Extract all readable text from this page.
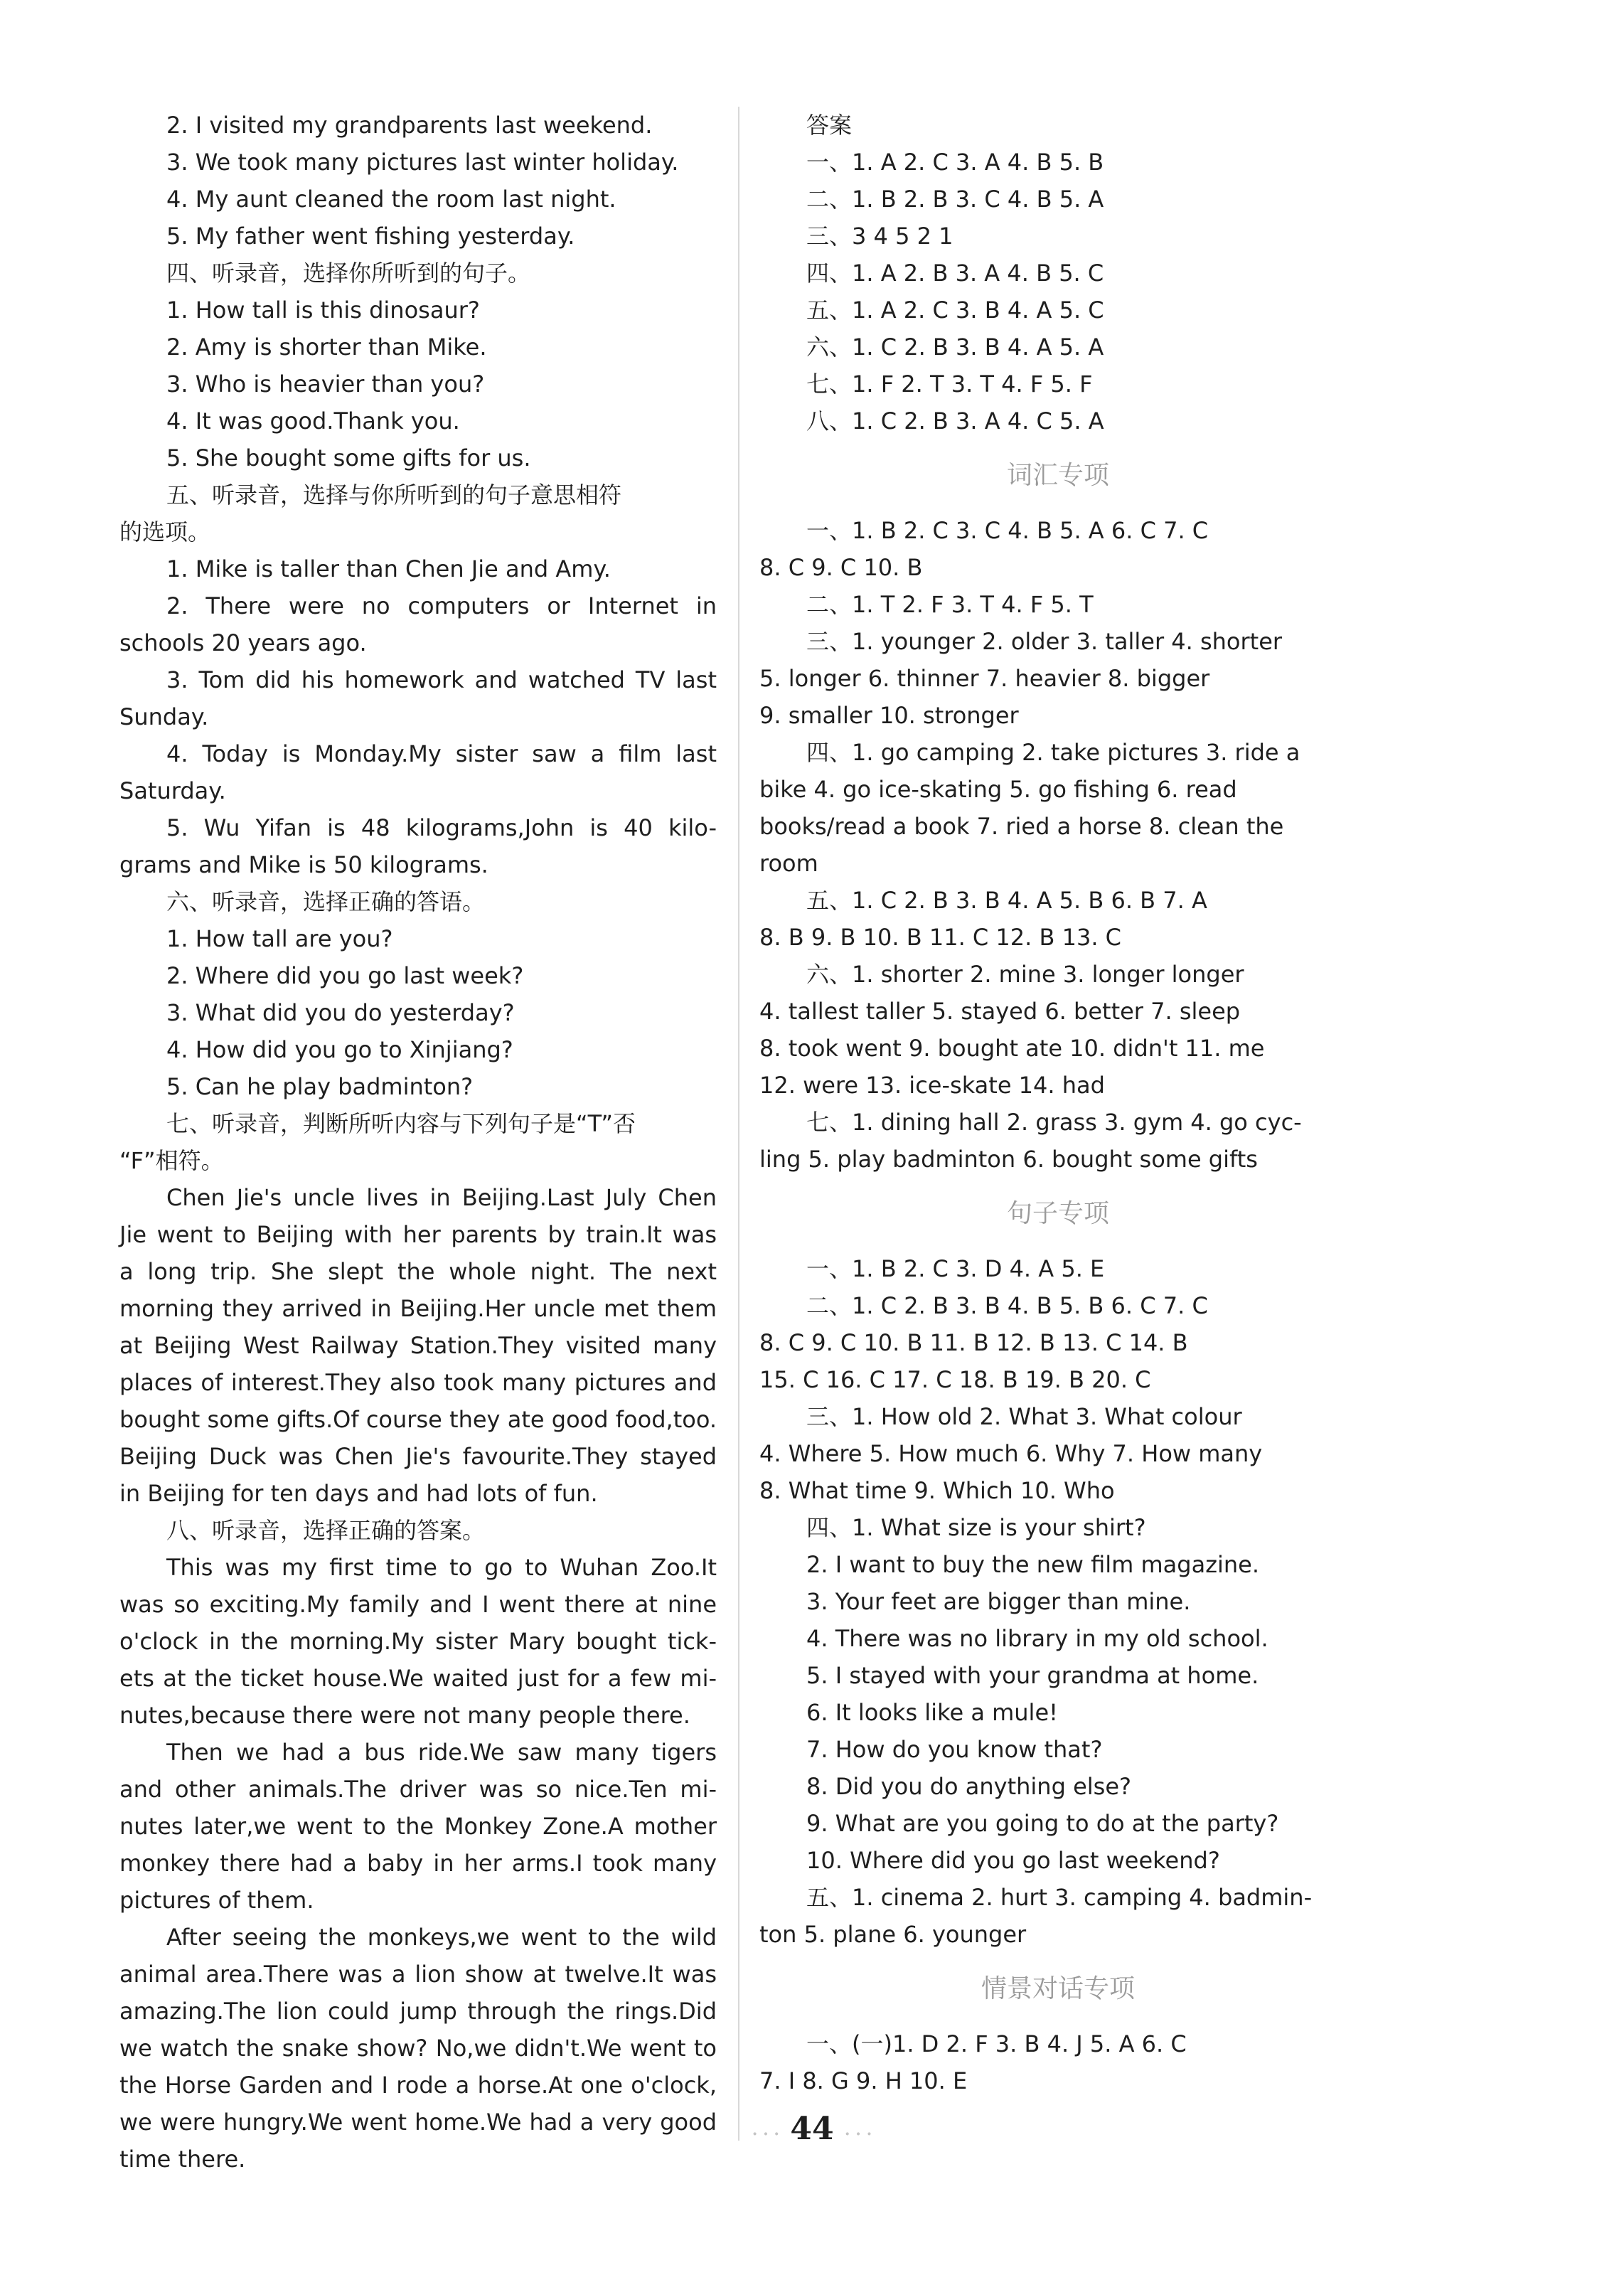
2. I visited my grandparents last weekend.
3. We took many pictures last winter holiday.
4. My aunt cleaned the room last night.
5. My father went fishing yesterday.
四、听录音，选择你所听到的句子。
1. How tall is this dinosaur?
2. Amy is shorter than Mike.
3. Who is heavier than you?
4. It was good.Thank you.
5. She bought some gifts for us.
五、听录音，选择与你所听到的句子意思相符
的选项。
1. Mike is taller than Chen Jie and Amy.
2. There were no computers or Internet in
schools 20 years ago.
3. Tom did his homework and watched TV last
Sunday.
4. Today is Monday.My sister saw a film last
Saturday.
5. Wu Yifan is 48 kilograms,John is 40 kilo-
grams and Mike is 50 kilograms.
六、听录音，选择正确的答语。
1. How tall are you?
2. Where did you go last week?
3. What did you do yesterday?
4. How did you go to Xinjiang?
5. Can he play badminton?
七、听录音，判断所听内容与下列句子是“T”否
“F”相符。
Chen Jie's uncle lives in Beijing.Last July Chen
Jie went to Beijing with her parents by train.It was
a long trip. She slept the whole night. The next
morning they arrived in Beijing.Her uncle met them
at Beijing West Railway Station.They visited many
places of interest.They also took many pictures and
bought some gifts.Of course they ate good food,too.
Beijing Duck was Chen Jie's favourite.They stayed
in Beijing for ten days and had lots of fun.
八、听录音，选择正确的答案。
This was my first time to go to Wuhan Zoo.It
was so exciting.My family and I went there at nine
o'clock in the morning.My sister Mary bought tick-
ets at the ticket house.We waited just for a few mi-
nutes,because there were not many people there.
Then we had a bus ride.We saw many tigers
and other animals.The driver was so nice.Ten mi-
nutes later,we went to the Monkey Zone.A mother
monkey there had a baby in her arms.I took many
pictures of them.
After seeing the monkeys,we went to the wild
animal area.There was a lion show at twelve.It was
amazing.The lion could jump through the rings.Did
we watch the snake show? No,we didn't.We went to
the Horse Garden and I rode a horse.At one o'clock,
we were hungry.We went home.We had a very good
time there.
答案
一、1. A 2. C 3. A 4. B 5. B
二、1. B 2. B 3. C 4. B 5. A
三、3 4 5 2 1
四、1. A 2. B 3. A 4. B 5. C
五、1. A 2. C 3. B 4. A 5. C
六、1. C 2. B 3. B 4. A 5. A
七、1. F 2. T 3. T 4. F 5. F
八、1. C 2. B 3. A 4. C 5. A
词汇专项
一、1. B 2. C 3. C 4. B 5. A 6. C 7. C
8. C 9. C 10. B
二、1. T 2. F 3. T 4. F 5. T
三、1. younger 2. older 3. taller 4. shorter
5. longer 6. thinner 7. heavier 8. bigger
9. smaller 10. stronger
四、1. go camping 2. take pictures 3. ride a
bike 4. go ice-skating 5. go fishing 6. read
books/read a book 7. ried a horse 8. clean the
room
五、1. C 2. B 3. B 4. A 5. B 6. B 7. A
8. B 9. B 10. B 11. C 12. B 13. C
六、1. shorter 2. mine 3. longer longer
4. tallest taller 5. stayed 6. better 7. sleep
8. took went 9. bought ate 10. didn't 11. me
12. were 13. ice-skate 14. had
七、1. dining hall 2. grass 3. gym 4. go cyc-
ling 5. play badminton 6. bought some gifts
句子专项
一、1. B 2. C 3. D 4. A 5. E
二、1. C 2. B 3. B 4. B 5. B 6. C 7. C
8. C 9. C 10. B 11. B 12. B 13. C 14. B
15. C 16. C 17. C 18. B 19. B 20. C
三、1. How old 2. What 3. What colour
4. Where 5. How much 6. Why 7. How many
8. What time 9. Which 10. Who
四、1. What size is your shirt?
2. I want to buy the new film magazine.
3. Your feet are bigger than mine.
4. There was no library in my old school.
5. I stayed with your grandma at home.
6. It looks like a mule!
7. How do you know that?
8. Did you do anything else?
9. What are you going to do at the party?
10. Where did you go last weekend?
五、1. cinema 2. hurt 3. camping 4. badmin-
ton 5. plane 6. younger
情景对话专项
一、(一)1. D 2. F 3. B 4. J 5. A 6. C
7. I 8. G 9. H 10. E
· · ·  44  · · ·
